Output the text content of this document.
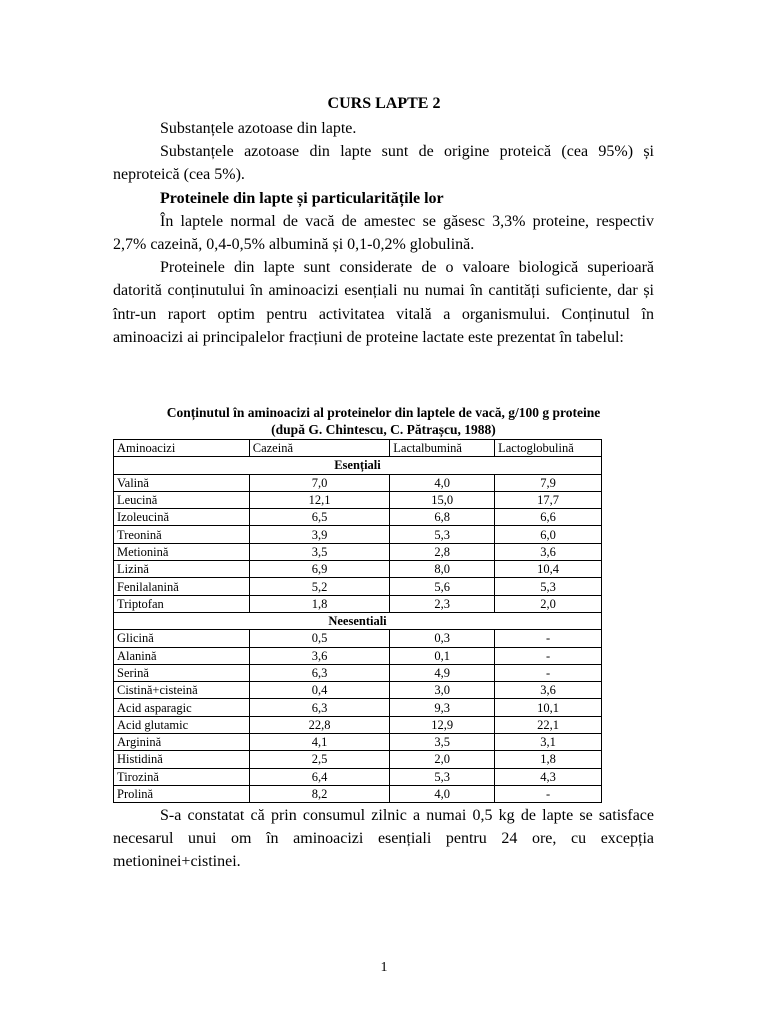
CURS LAPTE 2

Substanțele azotoase din lapte.

Substanțele azotoase din lapte sunt de origine proteică (cea 95%) și neproteică (cea 5%).

Proteinele din lapte și particularitățile lor

În laptele normal de vacă de amestec se găsesc 3,3% proteine, respectiv 2,7% cazeină, 0,4-0,5% albumină și 0,1-0,2% globulină.

Proteinele din lapte sunt considerate de o valoare biologică superioară datorită conținutului în aminoacizi esențiali nu numai în cantități suficiente, dar și într-un raport optim pentru activitatea vitală a organismului. Conținutul în aminoacizi ai principalelor fracțiuni de proteine lactate este prezentat în tabelul:

Conținutul în aminoacizi al proteinelor din laptele de vacă, g/100 g proteine
(după G. Chintescu, C. Pătrașcu, 1988)
Aminoacizi	Cazeină	Lactalbumină	Lactoglobulină
Esențiali			
Valină	7,0	4,0	7,9
Leucină	12,1	15,0	17,7
Izoleucină	6,5	6,8	6,6
Treonină	3,9	5,3	6,0
Metionină	3,5	2,8	3,6
Lizină	6,9	8,0	10,4
Fenilalanină	5,2	5,6	5,3
Triptofan	1,8	2,3	2,0
Neesentiali			
Glicină	0,5	0,3	-
Alanină	3,6	0,1	-
Serină	6,3	4,9	-
Cistină+cisteină	0,4	3,0	3,6
Acid asparagic	6,3	9,3	10,1
Acid glutamic	22,8	12,9	22,1
Arginină	4,1	3,5	3,1
Histidină	2,5	2,0	1,8
Tirozină	6,4	5,3	4,3
Prolină	8,2	4,0	-

S-a constatat că prin consumul zilnic a numai 0,5 kg de lapte se satisface necesarul unui om în aminoacizi esențiali pentru 24 ore, cu excepția metioninei+cistinei.

1
